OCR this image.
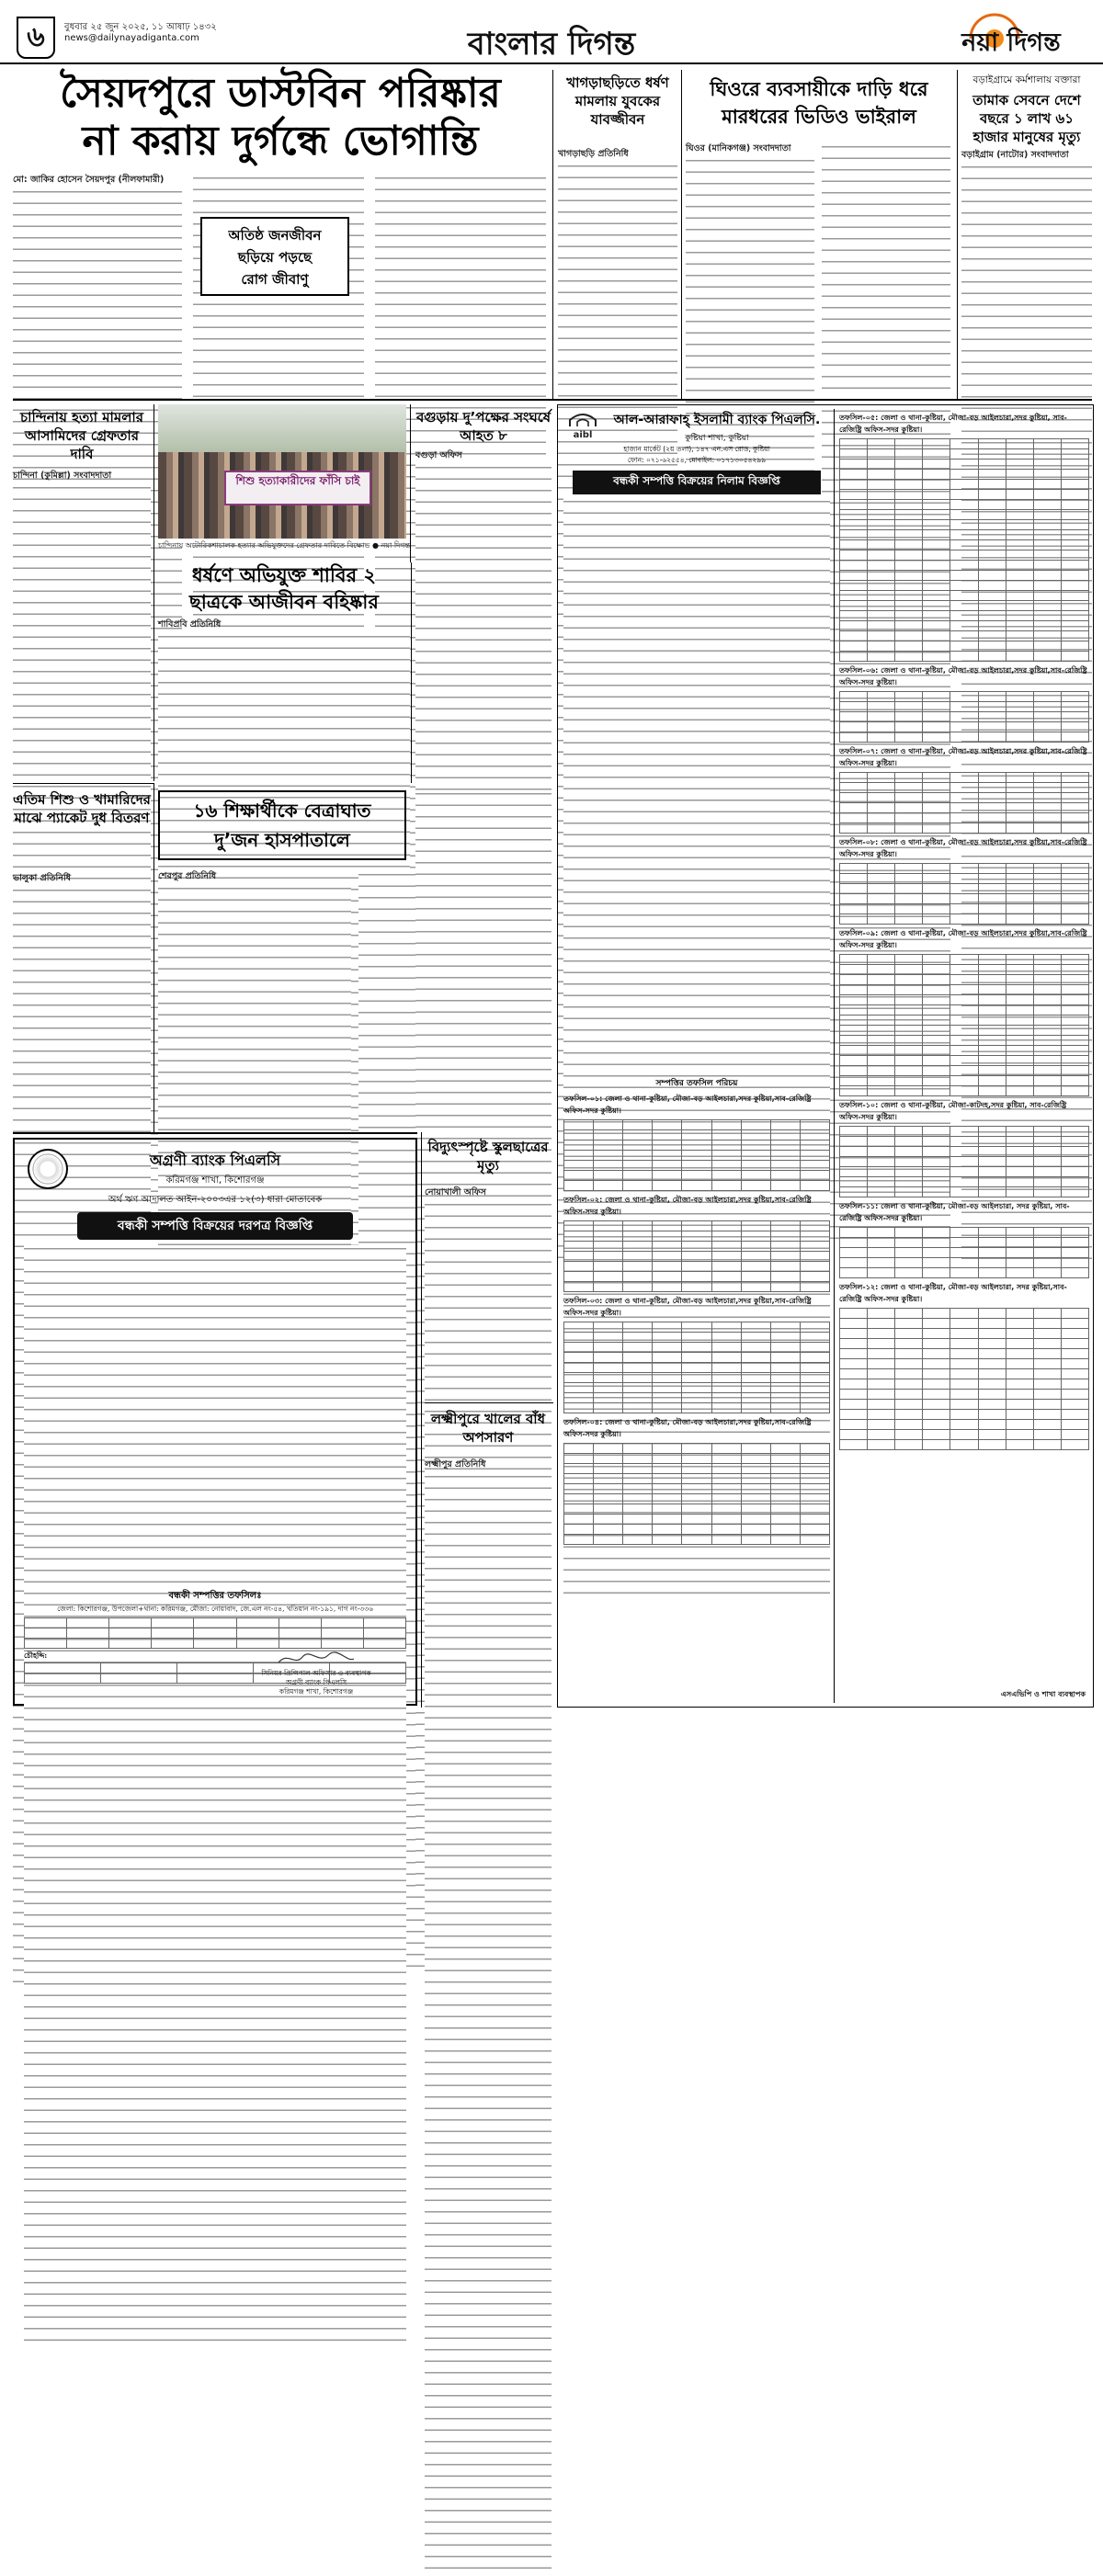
৬	বুধবার ২৫ জুন ২০২৫, ১১ আষাঢ় ১৪৩২
news@dailynayadiganta.com	বাংলার দিগন্ত	নয়া দিগন্ত
সৈয়দপুরে ডাস্টবিন পরিষ্কার
না করায় দুর্গন্ধে ভোগান্তি
মো: জাকির হোসেন সৈয়দপুর (নীলফামারী)
অতিষ্ঠ জনজীবন
ছড়িয়ে পড়ছে
রোগ জীবাণু
খাগড়াছড়িতে ধর্ষণ মামলায় যুবকের যাবজ্জীবন
খাগড়াছড়ি প্রতিনিধি
ঘিওরে ব্যবসায়ীকে দাড়ি ধরে
মারধরের ভিডিও ভাইরাল
ঘিওর (মানিকগঞ্জ) সংবাদদাতা
বড়াইগ্রামে কর্মশালায় বক্তারা
তামাক সেবনে দেশে
বছরে ১ লাখ ৬১
হাজার মানুষের মৃত্যু
বড়াইগ্রাম (নাটোর) সংবাদদাতা
চান্দিনায় হত্যা মামলার আসামিদের গ্রেফতার দাবি
চান্দিনা (কুমিল্লা) সংবাদদাতা	শিশু হত্যাকারীদের ফাঁসি চাই
চান্দিনায় অটোরিকশাচালক হত্যার অভিযুক্তদের গ্রেফতার দাবিতে বিক্ষোভ ● নয়া দিগন্ত
বগুড়ায় দু’পক্ষের সংঘর্ষে আহত ৮
বগুড়া অফিস
ধর্ষণে অভিযুক্ত শাবির ২
ছাত্রকে আজীবন বহিষ্কার
শাবিপ্রবি প্রতিনিধি
এতিম শিশু ও খামারিদের মাঝে প্যাকেট দুধ বিতরণ
ভালুকা প্রতিনিধি
১৬ শিক্ষার্থীকে বেত্রাঘাত
দু’জন হাসপাতালে
শেরপুর প্রতিনিধি
অগ্রণী ব্যাংক পিএলসি
করিমগঞ্জ শাখা, কিশোরগঞ্জ
অর্থ ঋণ আদালত আইন-২০০৩এর ১২(৩) ধারা মোতাবেক
বন্ধকী সম্পত্তি বিক্রয়ের দরপত্র বিজ্ঞপ্তি
বন্ধকী সম্পত্তির তফসিলঃ
জেলা: কিশোরগঞ্জ, উপজেলা+থানা: করিমগঞ্জ, মৌজা: নোয়াবাদ, জে.এল নং-৫৪, খতিয়ান নং-১৯১, দাগ নং-৩৩৬

চৌহদ্দি:

সিনিয়র প্রিন্সিপাল অফিসার ও ব্যবস্থাপক
অগ্রণী ব্যাংক পিএলসি
করিমগঞ্জ শাখা, কিশোরগঞ্জ
বিদ্যুৎস্পৃষ্টে স্কুলছাত্রের মৃত্যু
নোয়াখালী অফিস
লক্ষ্মীপুরে খালের বাঁধ অপসারণ
লক্ষ্মীপুর প্রতিনিধি
aibl
আল-আরাফাহ্ ইসলামী ব্যাংক পিএলসি.
কুষ্টিয়া শাখা, কুষ্টিয়া
হাজান মার্কেট (২য় তলা), ১৪৭ এন.এস রোড, কুষ্টিয়া
ফোন: ০৭১-৬২৫৫৪, মোবাইল: ০১৭১৩০৫৪২৯৯
বন্ধকী সম্পত্তি বিক্রয়ের নিলাম বিজ্ঞপ্তি
সম্পত্তির তফসিল পরিচয়
তফসিল-০১: জেলা ও থানা-কুষ্টিয়া, মৌজা-বড় আইলচারা,সদর কুষ্টিয়া,সাব-রেজিষ্ট্রি অফিস-সদর কুষ্টিয়া।

তফসিল-০২: জেলা ও থানা-কুষ্টিয়া, মৌজা-বড় আইলচারা,সদর কুষ্টিয়া,সাব-রেজিষ্ট্রি অফিস-সদর কুষ্টিয়া।

তফসিল-০৩: জেলা ও থানা-কুষ্টিয়া, মৌজা-বড় আইলচারা,সদর কুষ্টিয়া,সাব-রেজিষ্ট্রি অফিস-সদর কুষ্টিয়া।

তফসিল-০৪: জেলা ও থানা-কুষ্টিয়া, মৌজা-বড় আইলচারা,সদর কুষ্টিয়া,সাব-রেজিষ্ট্রি অফিস-সদর কুষ্টিয়া।

তফসিল-০৫: জেলা ও থানা-কুষ্টিয়া, মৌজা-বড় আইলচারা,সদর কুষ্টিয়া, সাব-রেজিষ্ট্রি অফিস-সদর কুষ্টিয়া।

তফসিল-০৬: জেলা ও থানা-কুষ্টিয়া, মৌজা-বড় আইলচারা,সদর কুষ্টিয়া,সাব-রেজিষ্ট্রি অফিস-সদর কুষ্টিয়া।

তফসিল-০৭: জেলা ও থানা-কুষ্টিয়া, মৌজা-বড় আইলচারা,সদর কুষ্টিয়া,সাব-রেজিষ্ট্রি অফিস-সদর কুষ্টিয়া।

তফসিল-০৮: জেলা ও থানা-কুষ্টিয়া, মৌজা-বড় আইলচারা,সদর কুষ্টিয়া,সাব-রেজিষ্ট্রি অফিস-সদর কুষ্টিয়া।

তফসিল-০৯: জেলা ও থানা-কুষ্টিয়া, মৌজা-বড় আইলচারা,সদর কুষ্টিয়া,সাব-রেজিষ্ট্রি অফিস-সদর কুষ্টিয়া।

তফসিল-১০: জেলা ও থানা-কুষ্টিয়া, মৌজা-কাটদহ,সদর কুষ্টিয়া, সাব-রেজিষ্ট্রি অফিস-সদর কুষ্টিয়া।

তফসিল-১১: জেলা ও থানা-কুষ্টিয়া, মৌজা-বড় আইলচারা, সদর কুষ্টিয়া, সাব-রেজিষ্ট্রি অফিস-সদর কুষ্টিয়া।

তফসিল-১২: জেলা ও থানা-কুষ্টিয়া, মৌজা-বড় আইলচারা, সদর কুষ্টিয়া,সাব-রেজিষ্ট্রি অফিস-সদর কুষ্টিয়া।

এসএভিপি ও শাখা ব্যবস্থাপক
